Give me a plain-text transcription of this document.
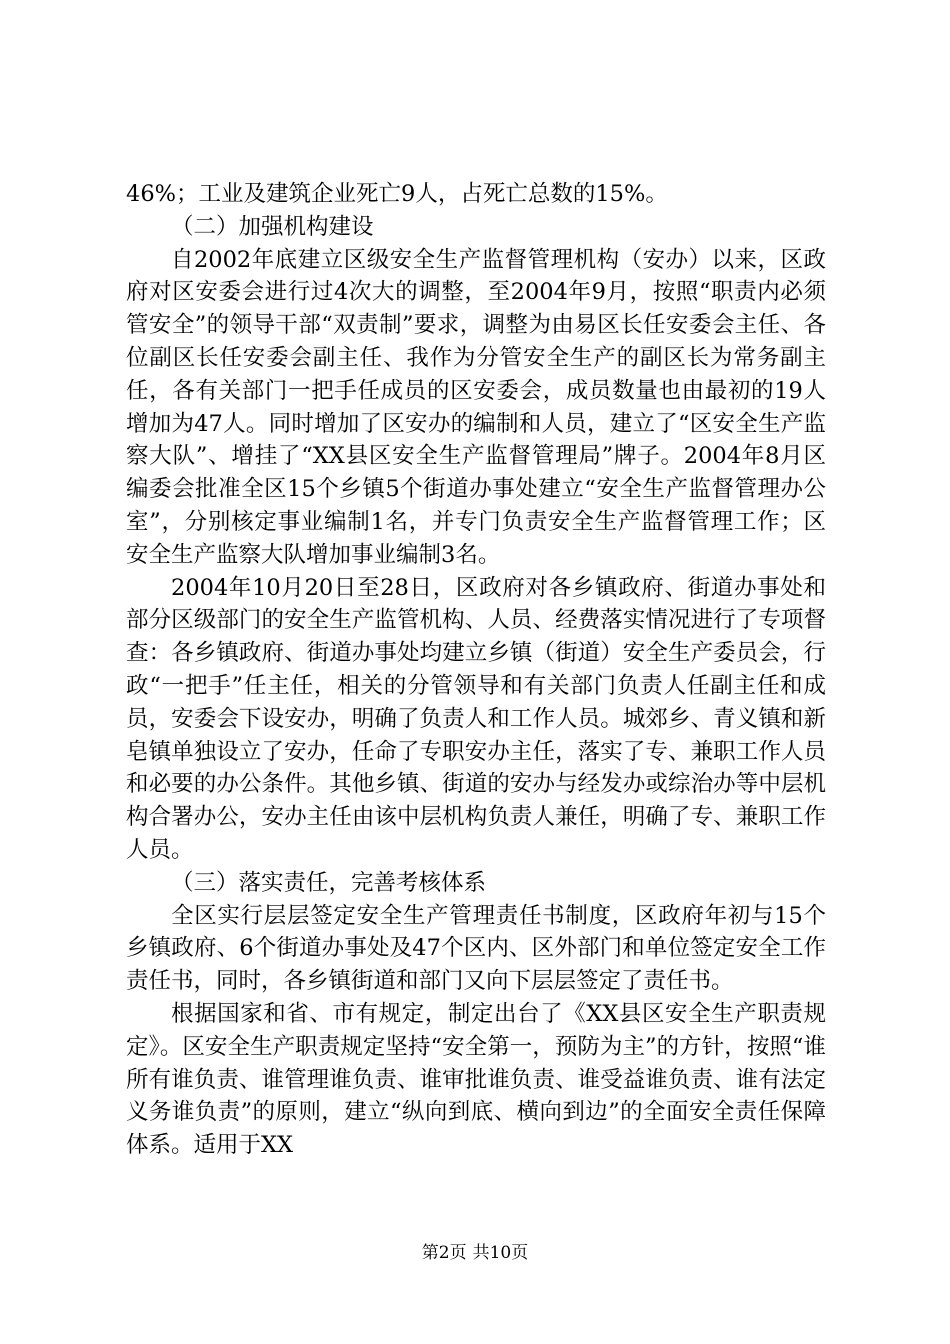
46%；工业及建筑企业死亡9人，占死亡总数的15%。

（二）加强机构建设

自2002年底建立区级安全生产监督管理机构（安办）以来，区政府对区安委会进行过4次大的调整，至2004年9月，按照“职责内必须管安全”的领导干部“双责制”要求，调整为由易区长任安委会主任、各位副区长任安委会副主任、我作为分管安全生产的副区长为常务副主任，各有关部门一把手任成员的区安委会，成员数量也由最初的19人增加为47人。同时增加了区安办的编制和人员，建立了“区安全生产监察大队”、增挂了“XX县区安全生产监督管理局”牌子。2004年8月区编委会批准全区15个乡镇5个街道办事处建立“安全生产监督管理办公室”，分别核定事业编制1名，并专门负责安全生产监督管理工作；区安全生产监察大队增加事业编制3名。

2004年10月20日至28日，区政府对各乡镇政府、街道办事处和部分区级部门的安全生产监管机构、人员、经费落实情况进行了专项督查：各乡镇政府、街道办事处均建立乡镇（街道）安全生产委员会，行政“一把手”任主任，相关的分管领导和有关部门负责人任副主任和成员，安委会下设安办，明确了负责人和工作人员。城郊乡、青义镇和新皂镇单独设立了安办，任命了专职安办主任，落实了专、兼职工作人员和必要的办公条件。其他乡镇、街道的安办与经发办或综治办等中层机构合署办公，安办主任由该中层机构负责人兼任，明确了专、兼职工作人员。

（三）落实责任，完善考核体系

全区实行层层签定安全生产管理责任书制度，区政府年初与15个乡镇政府、6个街道办事处及47个区内、区外部门和单位签定安全工作责任书，同时，各乡镇街道和部门又向下层层签定了责任书。

根据国家和省、市有规定，制定出台了《XX县区安全生产职责规定》。区安全生产职责规定坚持“安全第一，预防为主”的方针，按照“谁所有谁负责、谁管理谁负责、谁审批谁负责、谁受益谁负责、谁有法定义务谁负责”的原则，建立“纵向到底、横向到边”的全面安全责任保障体系。适用于XX

第2页 共10页
